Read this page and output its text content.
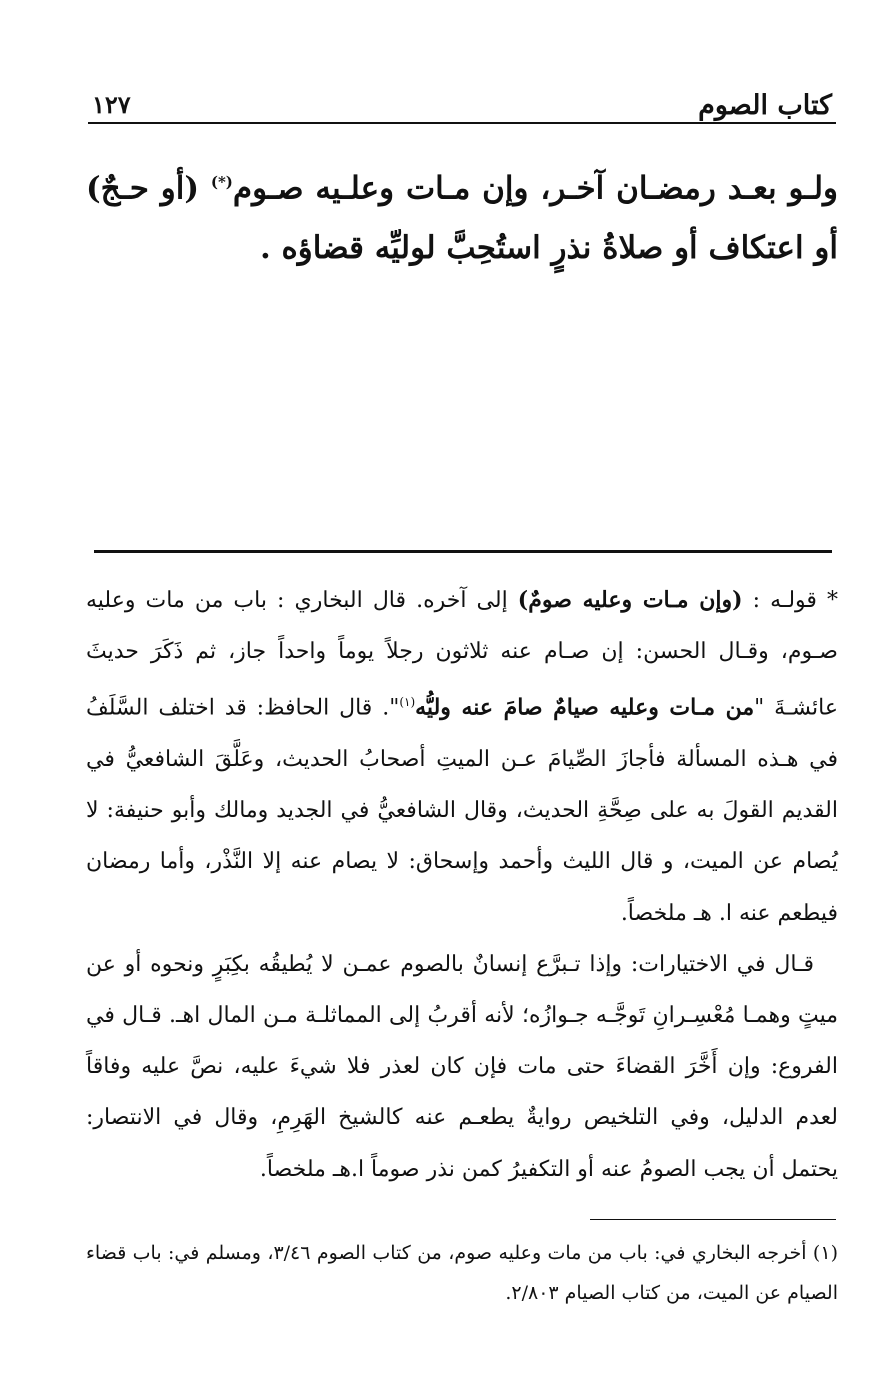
كتاب الصوم
١٢٧
ولـو بعـد رمضـان آخـر، وإن مـات وعلـيه صـوم(*) (أو حـجٌ) أو اعتكاف أو صلاةُ نذرٍ استُحِبَّ لوليِّه قضاؤه .

* قولـه : (وإن مـات وعليه صومٌ) إلى آخره. قال البخاري : باب من مات وعليه صـوم، وقـال الحسن: إن صـام عنه ثلاثون رجلاً يوماً واحداً جاز، ثم ذَكَرَ حديثَ عائشـةَ "من مـات وعليه صيامٌ صامَ عنه وليُّه$^{(١)}$". قال الحافظ: قد اختلف السَّلَفُ في هـذه المسألة فأجازَ الصِّيامَ عـن الميتِ أصحابُ الحديث، وعَلَّقَ الشافعيُّ في القديم القولَ به على صِحَّةِ الحديث، وقال الشافعيُّ في الجديد ومالك وأبو حنيفة: لا يُصام عن الميت، و قال الليث وأحمد وإسحاق: لا يصام عنه إلا النَّذْر، وأما رمضان فيطعم عنه ا. هـ ملخصاً.

قـال في الاختيارات: وإذا تـبرَّع إنسانٌ بالصوم عمـن لا يُطيقُه بكِبَرٍ ونحوه أو عن ميتٍ وهمـا مُعْسِـرانِ تَوجَّـه جـوازُه؛ لأنه أقربُ إلى المماثلـة مـن المال اهـ. قـال في الفروع: وإن أَخَّرَ القضاءَ حتى مات فإن كان لعذر فلا شيءَ عليه، نصَّ عليه وفاقاً لعدم الدليل، وفي التلخيص روايةٌ يطعـم عنه كالشيخ الهَرِمِ، وقال في الانتصار: يحتمل أن يجب الصومُ عنه أو التكفيرُ كمن نذر صوماً ا.هـ ملخصاً.

(١) أخرجه البخاري في: باب من مات وعليه صوم، من كتاب الصوم ٣/٤٦، ومسلم في: باب قضاء الصيام عن الميت، من كتاب الصيام ٢/٨٠٣.
